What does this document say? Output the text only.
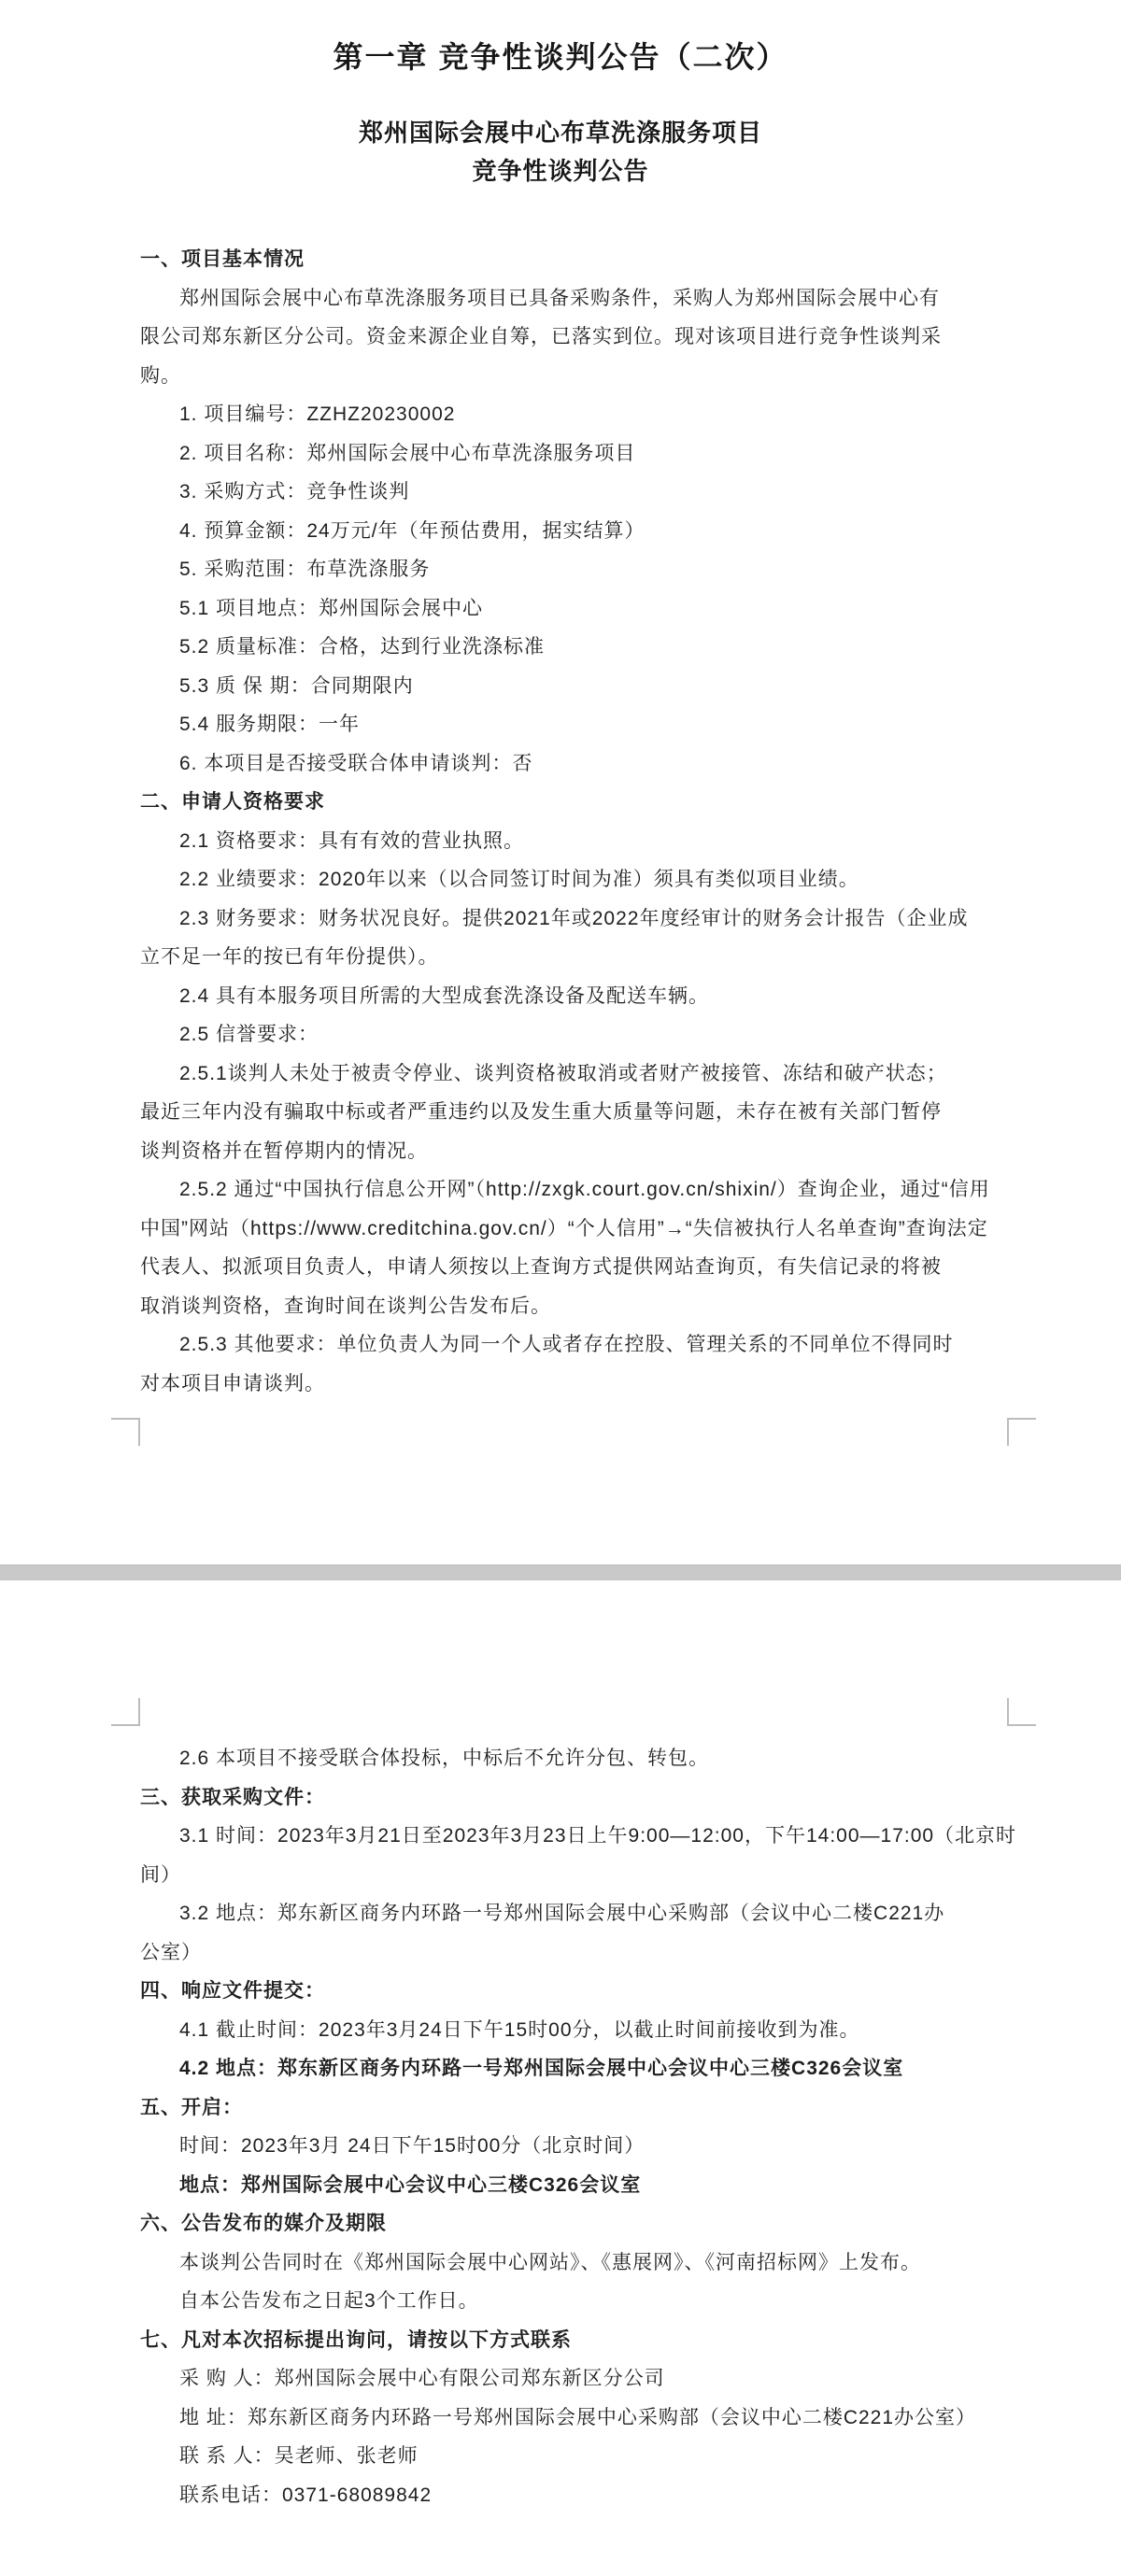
第一章 竞争性谈判公告（二次）
郑州国际会展中心布草洗涤服务项目
竞争性谈判公告
一、项目基本情况
郑州国际会展中心布草洗涤服务项目已具备采购条件，采购人为郑州国际会展中心有
限公司郑东新区分公司。资金来源企业自筹，已落实到位。现对该项目进行竞争性谈判采
购。
1. 项目编号：ZZHZ20230002
2. 项目名称：郑州国际会展中心布草洗涤服务项目
3. 采购方式：竞争性谈判
4. 预算金额：24万元/年（年预估费用，据实结算）
5. 采购范围：布草洗涤服务
5.1 项目地点：郑州国际会展中心
5.2 质量标准：合格，达到行业洗涤标准
5.3 质 保 期：合同期限内
5.4 服务期限：一年
6. 本项目是否接受联合体申请谈判：否
二、申请人资格要求
2.1 资格要求：具有有效的营业执照。
2.2 业绩要求：2020年以来（以合同签订时间为准）须具有类似项目业绩。
2.3 财务要求：财务状况良好。提供2021年或2022年度经审计的财务会计报告（企业成
立不足一年的按已有年份提供）。
2.4 具有本服务项目所需的大型成套洗涤设备及配送车辆。
2.5 信誉要求：
2.5.1谈判人未处于被责令停业、谈判资格被取消或者财产被接管、冻结和破产状态；
最近三年内没有骗取中标或者严重违约以及发生重大质量等问题，未存在被有关部门暂停
谈判资格并在暂停期内的情况。
2.5.2 通过“中国执行信息公开网”（http://zxgk.court.gov.cn/shixin/）查询企业，通过“信用
中国”网站（https://www.creditchina.gov.cn/）“个人信用”→“失信被执行人名单查询”查询法定
代表人、拟派项目负责人，申请人须按以上查询方式提供网站查询页，有失信记录的将被
取消谈判资格，查询时间在谈判公告发布后。
2.5.3 其他要求：单位负责人为同一个人或者存在控股、管理关系的不同单位不得同时
对本项目申请谈判。
2.6 本项目不接受联合体投标，中标后不允许分包、转包。
三、获取采购文件：
3.1 时间：2023年3月21日至2023年3月23日上午9:00—12:00，下午14:00—17:00（北京时
间）
3.2 地点：郑东新区商务内环路一号郑州国际会展中心采购部（会议中心二楼C221办
公室）
四、响应文件提交：
4.1 截止时间：2023年3月24日下午15时00分，以截止时间前接收到为准。
4.2 地点：郑东新区商务内环路一号郑州国际会展中心会议中心三楼C326会议室
五、开启：
时间：2023年3月 24日下午15时00分（北京时间）
地点：郑州国际会展中心会议中心三楼C326会议室
六、公告发布的媒介及期限
本谈判公告同时在《郑州国际会展中心网站》、《惠展网》、《河南招标网》上发布。
自本公告发布之日起3个工作日。
七、凡对本次招标提出询问，请按以下方式联系
采 购 人：郑州国际会展中心有限公司郑东新区分公司
地 址：郑东新区商务内环路一号郑州国际会展中心采购部（会议中心二楼C221办公室）
联 系 人：吴老师、张老师
联系电话：0371-68089842
